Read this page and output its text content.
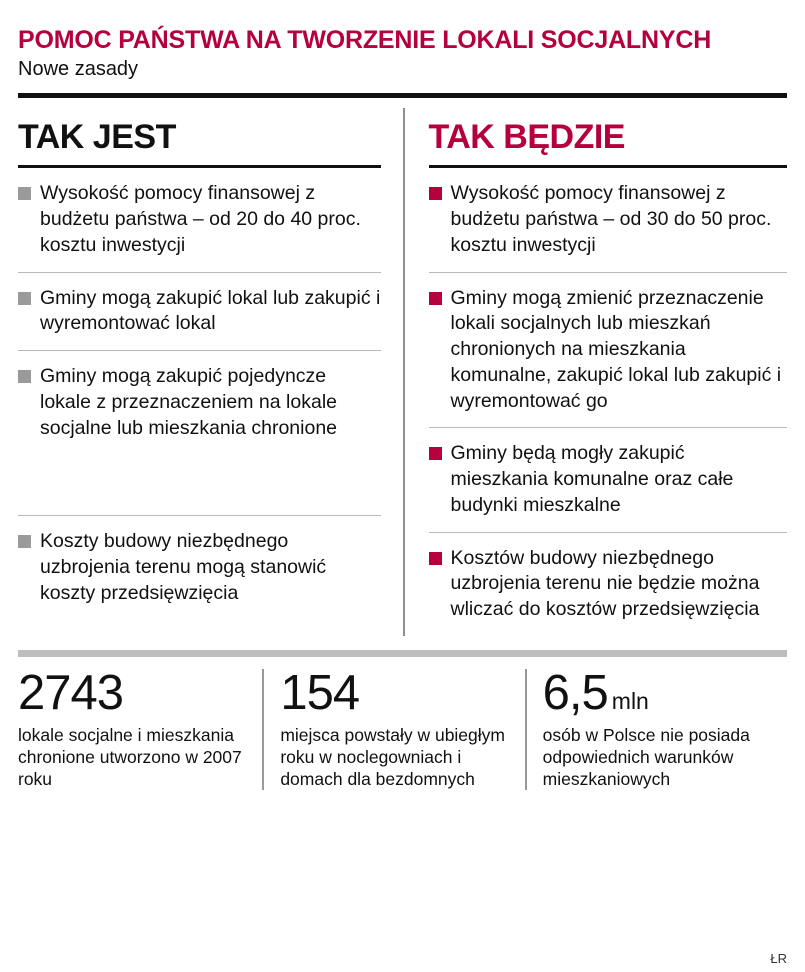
POMOC PAŃSTWA NA TWORZENIE LOKALI SOCJALNYCH
Nowe zasady
TAK JEST
Wysokość pomocy finansowej z budżetu państwa – od 20 do 40 proc. kosztu inwestycji
Gminy mogą zakupić lokal lub zakupić i wyremontować lokal
Gminy mogą zakupić pojedyncze lokale z przeznaczeniem na lokale socjalne lub mieszkania chronione
Koszty budowy niezbędnego uzbrojenia terenu mogą stanowić koszty przedsięwzięcia
TAK BĘDZIE
Wysokość pomocy finansowej z budżetu państwa – od 30 do 50 proc. kosztu inwestycji
Gminy mogą zmienić przeznaczenie lokali socjalnych lub mieszkań chronionych na mieszkania komunalne, zakupić lokal lub zakupić i wyremontować go
Gminy będą mogły zakupić mieszkania komunalne oraz całe budynki mieszkalne
Kosztów budowy niezbędnego uzbrojenia terenu nie będzie można wliczać do kosztów przedsięwzięcia
2743
lokale socjalne i mieszkania chronione utworzono w 2007 roku
154
miejsca powstały w ubiegłym roku w noclegowniach i domach dla bezdomnych
6,5 mln
osób w Polsce nie posiada odpowiednich warunków mieszkaniowych
ŁR
